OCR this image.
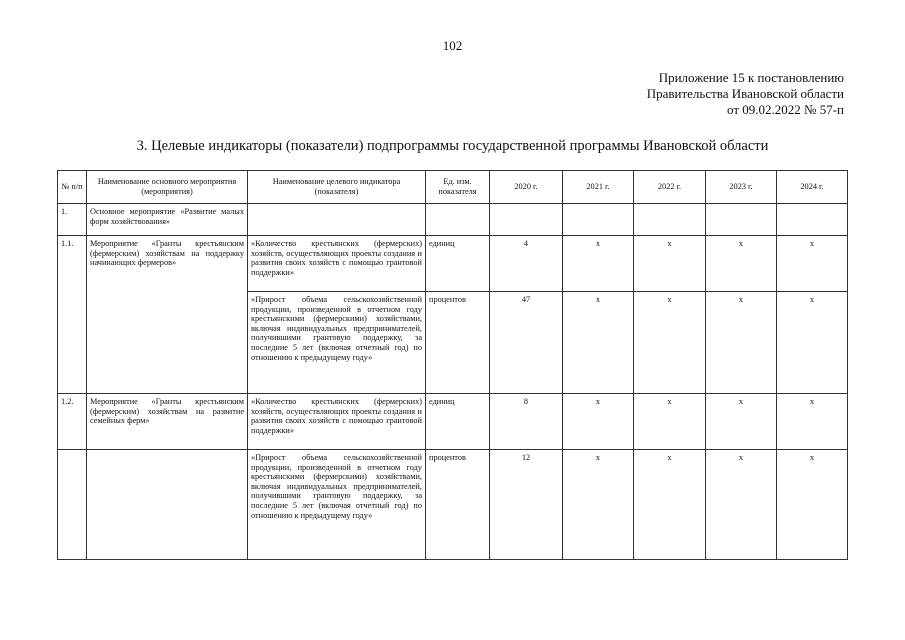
102
Приложение 15 к постановлению
Правительства Ивановской области
от 09.02.2022 № 57-п
3. Целевые индикаторы (показатели) подпрограммы государственной программы Ивановской области
№ п/п	Наименование основного мероприятия (мероприятия)	Наименование целевого индикатора (показателя)	Ед. изм. показателя	2020 г.	2021 г.	2022 г.	2023 г.	2024 г.
1.	Основное мероприятие «Развитие малых форм хозяйствования»							
1.1.	Мероприятие «Гранты крестьянским (фермерским) хозяйствам на поддержку начинающих фермеров»	«Количество крестьянских (фермерских) хозяйств, осуществляющих проекты создания и развития своих хозяйств с помощью грантовой поддержки»	единиц	4	x	x	x	x
		«Прирост объема сельскохозяйственной продукции, произведенной в отчетном году крестьянскими (фермерскими) хозяйствами, включая индивидуальных предпринимателей, получившими грантовую поддержку, за последние 5 лет (включая отчетный год) по отношению к предыдущему году»	процентов	47	x	x	x	x
1.2.	Мероприятие «Гранты крестьянским (фермерским) хозяйствам на развитие семейных ферм»	«Количество крестьянских (фермерских) хозяйств, осуществляющих проекты создания и развития своих хозяйств с помощью грантовой поддержки»	единиц	8	x	x	x	x
		«Прирост объема сельскохозяйственной продукции, произведенной в отчетном году крестьянскими (фермерскими) хозяйствами, включая индивидуальных предпринимателей, получившими грантовую поддержку, за последние 5 лет (включая отчетный год) по отношению к предыдущему году»	процентов	12	x	x	x	x
